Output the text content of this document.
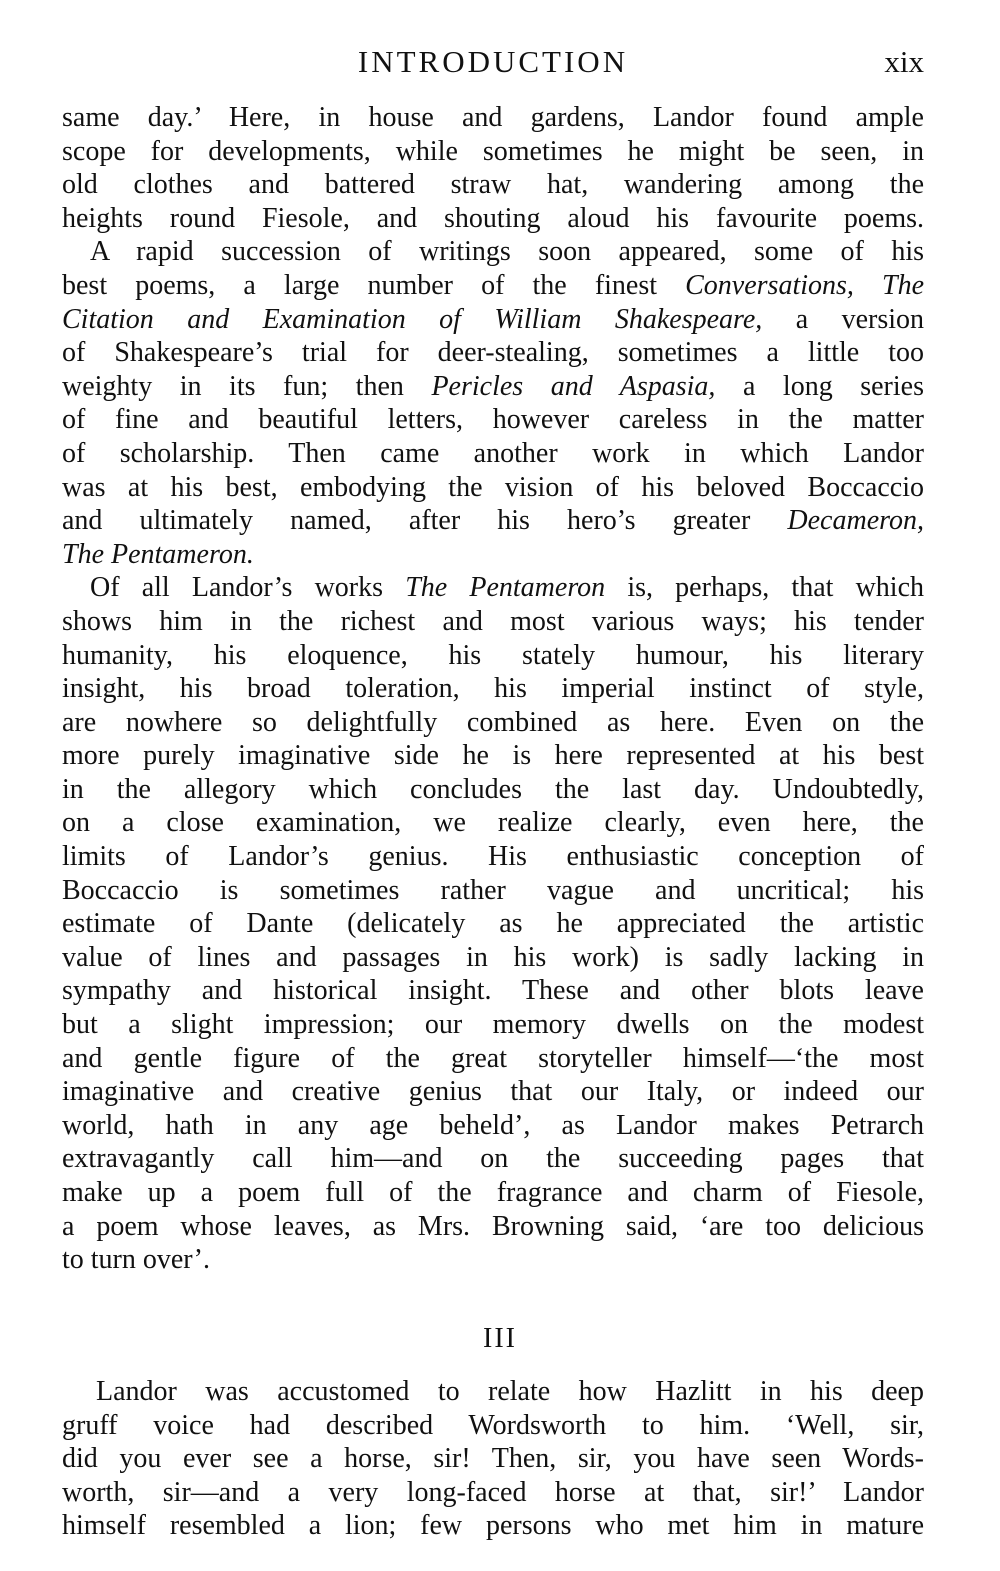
INTRODUCTION	xix
same day.’ Here, in house and gardens, Landor found ample
scope for developments, while sometimes he might be seen, in
old clothes and battered straw hat, wandering among the
heights round Fiesole, and shouting aloud his favourite poems.
A rapid succession of writings soon appeared, some of his
best poems, a large number of the finest Conversations, The
Citation and Examination of William Shakespeare, a version
of Shakespeare’s trial for deer-stealing, sometimes a little too
weighty in its fun; then Pericles and Aspasia, a long series
of fine and beautiful letters, however careless in the matter
of scholarship. Then came another work in which Landor
was at his best, embodying the vision of his beloved Boccaccio
and ultimately named, after his hero’s greater Decameron,
The Pentameron.
Of all Landor’s works The Pentameron is, perhaps, that which
shows him in the richest and most various ways; his tender
humanity, his eloquence, his stately humour, his literary
insight, his broad toleration, his imperial instinct of style,
are nowhere so delightfully combined as here. Even on the
more purely imaginative side he is here represented at his best
in the allegory which concludes the last day. Undoubtedly,
on a close examination, we realize clearly, even here, the
limits of Landor’s genius. His enthusiastic conception of
Boccaccio is sometimes rather vague and uncritical; his
estimate of Dante (delicately as he appreciated the artistic
value of lines and passages in his work) is sadly lacking in
sympathy and historical insight. These and other blots leave
but a slight impression; our memory dwells on the modest
and gentle figure of the great storyteller himself—‘the most
imaginative and creative genius that our Italy, or indeed our
world, hath in any age beheld’, as Landor makes Petrarch
extravagantly call him—and on the succeeding pages that
make up a poem full of the fragrance and charm of Fiesole,
a poem whose leaves, as Mrs. Browning said, ‘are too delicious
to turn over’.
III
Landor was accustomed to relate how Hazlitt in his deep
gruff voice had described Wordsworth to him. ‘Well, sir,
did you ever see a horse, sir! Then, sir, you have seen Words-
worth, sir—and a very long-faced horse at that, sir!’ Landor
himself resembled a lion; few persons who met him in mature
